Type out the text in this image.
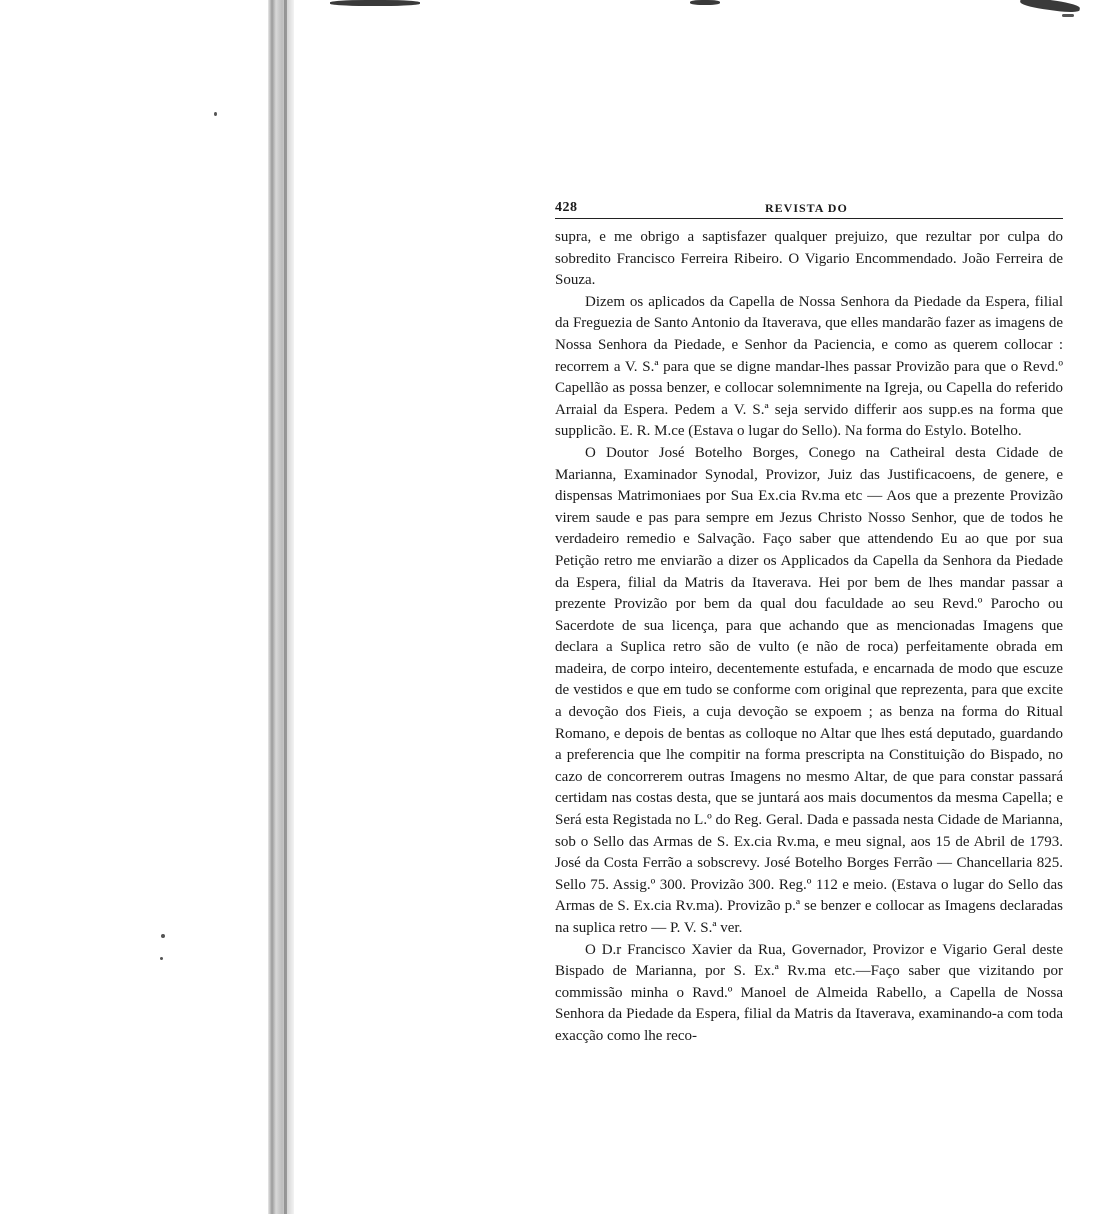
428	REVISTA DO

supra, e me obrigo a saptisfazer qualquer prejuizo, que rezultar por culpa do sobredito Francisco Ferreira Ribeiro. O Vigario Encommendado. João Ferreira de Souza.

Dizem os aplicados da Capella de Nossa Senhora da Piedade da Espera, filial da Freguezia de Santo Antonio da Itaverava, que elles mandarão fazer as imagens de Nossa Senhora da Piedade, e Senhor da Paciencia, e como as querem collocar : recorrem a V. S.ª para que se digne mandar-lhes passar Provizão para que o Revd.º Capellão as possa benzer, e collocar solemnimente na Igreja, ou Capella do referido Arraial da Espera. Pedem a V. S.ª seja servido differir aos supp.es na forma que supplicão. E. R. M.ce (Estava o lugar do Sello). Na forma do Estylo. Botelho.

O Doutor José Botelho Borges, Conego na Catheiral desta Cidade de Marianna, Examinador Synodal, Provizor, Juiz das Justificacoens, de genere, e dispensas Matrimoniaes por Sua Ex.cia Rv.ma etc — Aos que a prezente Provizão virem saude e pas para sempre em Jezus Christo Nosso Senhor, que de todos he verdadeiro remedio e Salvação. Faço saber que attendendo Eu ao que por sua Petição retro me enviarão a dizer os Applicados da Capella da Senhora da Piedade da Espera, filial da Matris da Itaverava. Hei por bem de lhes mandar passar a prezente Provizão por bem da qual dou faculdade ao seu Revd.º Parocho ou Sacerdote de sua licença, para que achando que as mencionadas Imagens que declara a Suplica retro são de vulto (e não de roca) perfeitamente obrada em madeira, de corpo inteiro, decentemente estufada, e encarnada de modo que escuze de vestidos e que em tudo se conforme com original que reprezenta, para que excite a devoção dos Fieis, a cuja devoção se expoem ; as benza na forma do Ritual Romano, e depois de bentas as colloque no Altar que lhes está deputado, guardando a preferencia que lhe compitir na forma prescripta na Constituição do Bispado, no cazo de concorrerem outras Imagens no mesmo Altar, de que para constar passará certidam nas costas desta, que se juntará aos mais documentos da mesma Capella; e Será esta Registada no L.º do Reg. Geral. Dada e passada nesta Cidade de Marianna, sob o Sello das Armas de S. Ex.cia Rv.ma, e meu signal, aos 15 de Abril de 1793. José da Costa Ferrão a sobscrevy. José Botelho Borges Ferrão — Chancellaria 825. Sello 75. Assig.º 300. Provizão 300. Reg.º 112 e meio. (Estava o lugar do Sello das Armas de S. Ex.cia Rv.ma). Provizão p.ª se benzer e collocar as Imagens declaradas na suplica retro — P. V. S.ª ver.

O D.r Francisco Xavier da Rua, Governador, Provizor e Vigario Geral deste Bispado de Marianna, por S. Ex.ª Rv.ma etc.—Faço saber que vizitando por commissão minha o Ravd.º Manoel de Almeida Rabello, a Capella de Nossa Senhora da Piedade da Espera, filial da Matris da Itaverava, examinando-a com toda exacção como lhe reco-
